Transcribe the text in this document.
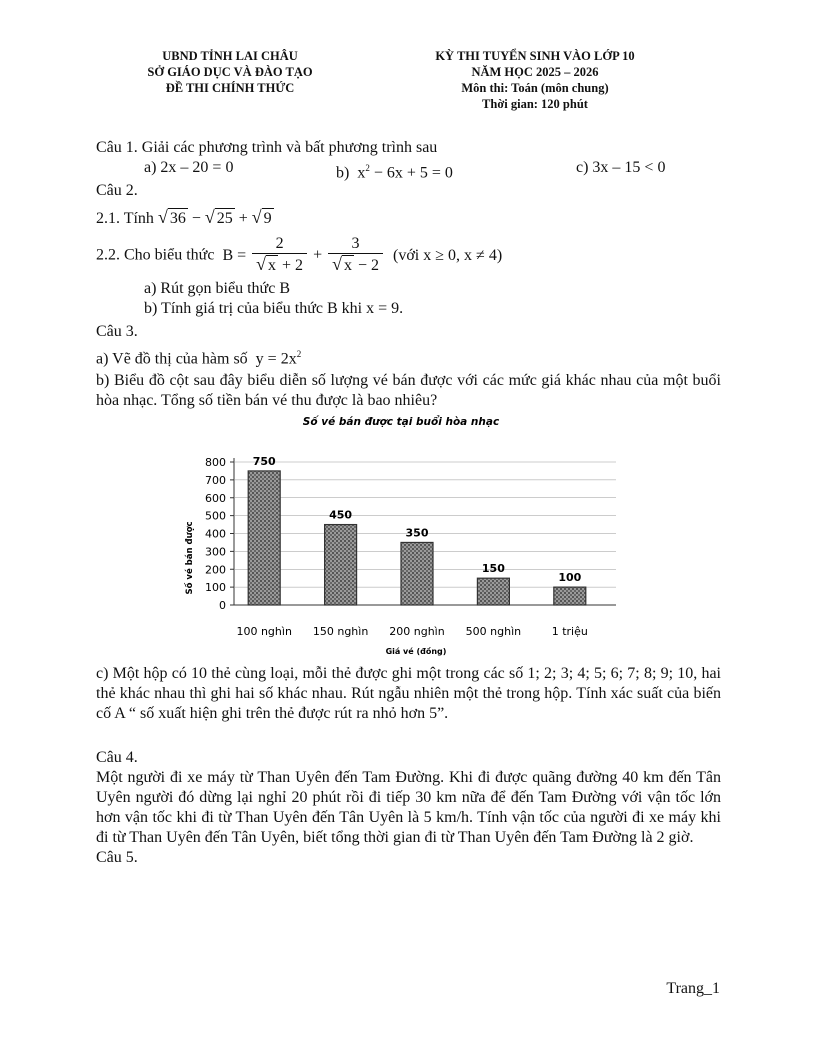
UBND TỈNH LAI CHÂU
SỞ GIÁO DỤC VÀ ĐÀO TẠO
ĐỀ THI CHÍNH THỨC
KỲ THI TUYỂN SINH VÀO LỚP 10
NĂM HỌC 2025 – 2026
Môn thi: Toán (môn chung)
Thời gian: 120 phút
Câu 1. Giải các phương trình và bất phương trình sau
a) 2x – 20 = 0	b) $x^2 - 6x + 5 = 0$	c) 3x – 15 < 0
Câu 2.
2.1. Tính √ 36 − √ 25 + √ 9
2.2. Cho biểu thức $B = \frac{2}{√ x + 2} + \frac{3}{√ x - 2}$ (với x ≥ 0, x ≠ 4)
a) Rút gọn biểu thức B
b) Tính giá trị của biểu thức B khi x = 9.
Câu 3.
a) Vẽ đồ thị của hàm số $y = 2x^2$
b) Biểu đồ cột sau đây biểu diễn số lượng vé bán được với các mức giá khác nhau của một buổi hòa nhạc. Tổng số tiền bán vé thu được là bao nhiêu?
Số vé bán được tại buổi hòa nhạc
0
100
200
300
400
500
600
700
800 750
450
350
150
100
100 nghìn 150 nghìn 200 nghìn 500 nghìn	1 triệu
Số vé bán được
Giá vé (đồng)
c) Một hộp có 10 thẻ cùng loại, mỗi thẻ được ghi một trong các số 1; 2; 3; 4; 5; 6; 7; 8; 9; 10, hai thẻ khác nhau thì ghi hai số khác nhau. Rút ngẫu nhiên một thẻ trong hộp. Tính xác suất của biến cố A “ số xuất hiện ghi trên thẻ được rút ra nhỏ hơn 5”.
Câu 4.
Một người đi xe máy từ Than Uyên đến Tam Đường. Khi đi được quãng đường 40 km đến Tân Uyên người đó dừng lại nghỉ 20 phút rồi đi tiếp 30 km nữa để đến Tam Đường với vận tốc lớn hơn vận tốc khi đi từ Than Uyên đến Tân Uyên là 5 km/h. Tính vận tốc của người đi xe máy khi đi từ Than Uyên đến Tân Uyên, biết tổng thời gian đi từ Than Uyên đến Tam Đường là 2 giờ.
Câu 5.
Trang_1
